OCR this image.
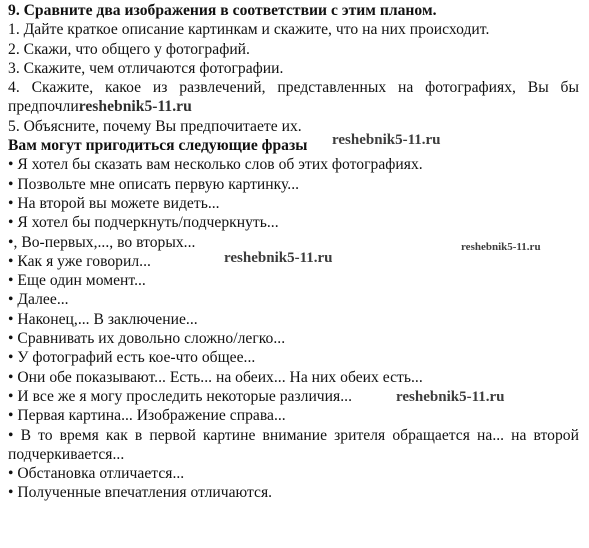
9. Сравните два изображения в соответствии с этим планом.
1. Дайте краткое описание картинкам и скажите, что на них происходит.
2. Скажи, что общего у фотографий.
3. Скажите, чем отличаются фотографии.
4. Скажите, какое из развлечений, представленных на фотографиях, Вы бы предпочлиreshebnik5-11.ru
5. Объясните, почему Вы предпочитаете их.
Вам могут пригодиться следующие фразы
• Я хотел бы сказать вам несколько слов об этих фотографиях.
• Позвольте мне описать первую картинку...
• На второй вы можете видеть...
• Я хотел бы подчеркнуть/подчеркнуть...
•, Во-первых,..., во вторых...
• Как я уже говорил...
• Еще один момент...
• Далее...
• Наконец,... В заключение...
• Сравнивать их довольно сложно/легко...
• У фотографий есть кое-что общее...
• Они обе показывают... Есть... на обеих... На них обеих есть...
• И все же я могу проследить некоторые различия...
• Первая картина... Изображение справа...
• В то время как в первой картине внимание зрителя обращается на... на второй подчеркивается...
• Обстановка отличается...
• Полученные впечатления отличаются.
reshebnik5-11.ru
reshebnik5-11.ru
reshebnik5-11.ru
reshebnik5-11.ru
